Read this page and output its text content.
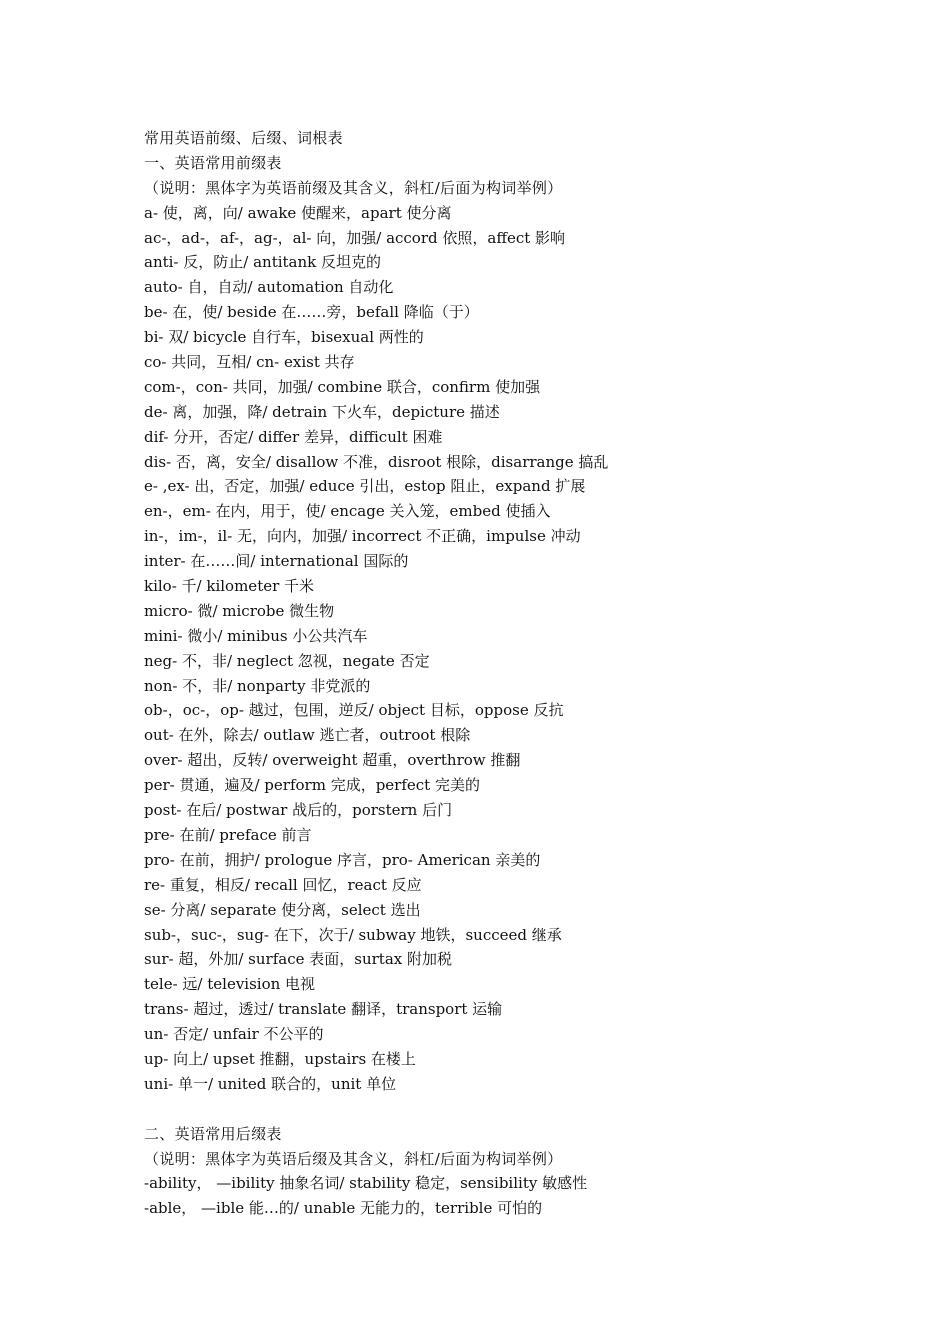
常用英语前缀、后缀、词根表
一、英语常用前缀表
（说明：黑体字为英语前缀及其含义，斜杠/后面为构词举例）
a- 使，离，向/ awake 使醒来，apart 使分离
ac-，ad-，af-，ag-，al- 向，加强/ accord 依照，affect 影响
anti- 反，防止/ antitank 反坦克的
auto- 自，自动/ automation 自动化
be- 在，使/ beside 在……旁，befall 降临（于）
bi- 双/ bicycle 自行车，bisexual 两性的
co- 共同，互相/ cn- exist 共存
com-，con- 共同，加强/ combine 联合，confirm 使加强
de- 离，加强，降/ detrain 下火车，depicture 描述
dif- 分开，否定/ differ 差异，difficult 困难
dis- 否，离，安全/ disallow 不准，disroot 根除，disarrange 搞乱
e- ,ex- 出，否定，加强/ educe 引出，estop 阻止，expand 扩展
en-，em- 在内，用于，使/ encage 关入笼，embed 使插入
in-，im-，il- 无，向内，加强/ incorrect 不正确，impulse 冲动
inter- 在……间/ international 国际的
kilo- 千/ kilometer 千米
micro- 微/ microbe 微生物
mini- 微小/ minibus 小公共汽车
neg- 不，非/ neglect 忽视，negate 否定
non- 不，非/ nonparty 非党派的
ob-，oc-，op- 越过，包围，逆反/ object 目标，oppose 反抗
out- 在外，除去/ outlaw 逃亡者，outroot 根除
over- 超出，反转/ overweight 超重，overthrow 推翻
per- 贯通，遍及/ perform 完成，perfect 完美的
post- 在后/ postwar 战后的，porstern 后门
pre- 在前/ preface 前言
pro- 在前，拥护/ prologue 序言，pro- American 亲美的
re- 重复，相反/ recall 回忆，react 反应
se- 分离/ separate 使分离，select 选出
sub-，suc-，sug- 在下，次于/ subway 地铁，succeed 继承
sur- 超，外加/ surface 表面，surtax 附加税
tele- 远/ television 电视
trans- 超过，透过/ translate 翻译，transport 运输
un- 否定/ unfair 不公平的
up- 向上/ upset 推翻，upstairs 在楼上
uni- 单一/ united 联合的，unit 单位
二、英语常用后缀表
（说明：黑体字为英语后缀及其含义，斜杠/后面为构词举例）
-ability， —ibility 抽象名词/ stability 稳定，sensibility 敏感性
-able， —ible 能…的/ unable 无能力的，terrible 可怕的
